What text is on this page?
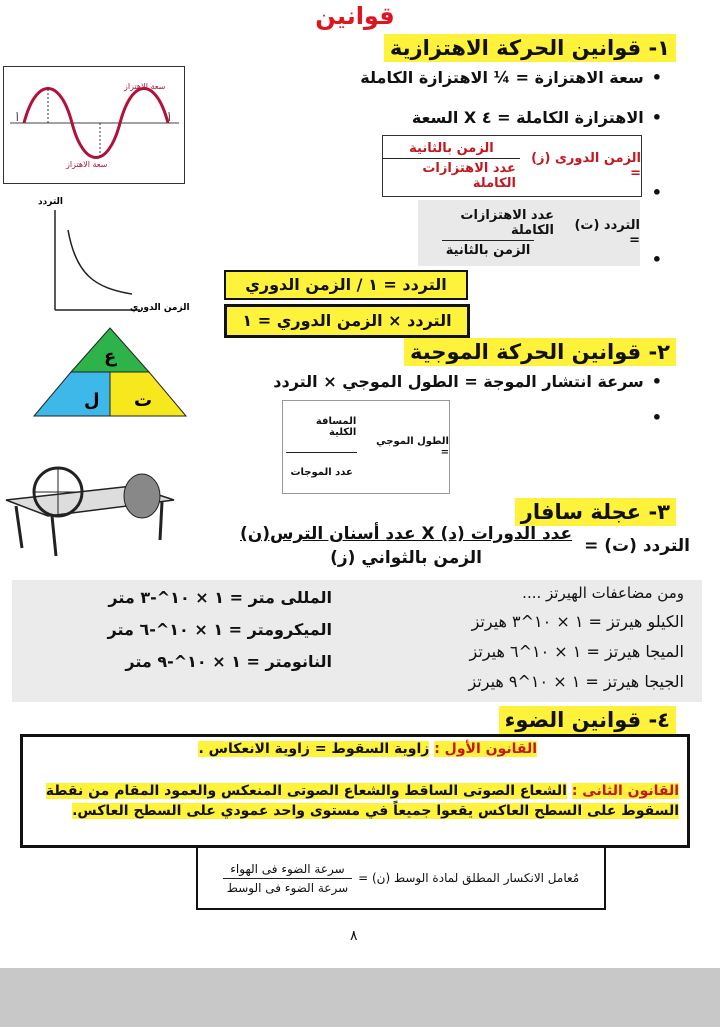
قوانين
١- قوانين الحركة الاهتزازية
• سعة الاهتزازة = ¼ الاهتزازة الكاملة
• الاهتزازة الكاملة = ٤ X السعة
الزمن الدورى (ز) =
$\frac{\text{الزمن بالثانية}}{\text{عدد الاهتزازات الكاملة}}$
•
التردد (ت) =
$\frac{\text{عدد الاهتزازات الكاملة}}{\text{الزمن بالثانية}}$
•
التردد = ١ / الزمن الدوري
التردد × الزمن الدوري = ١
سعة الاهتزاز
سعة الاهتزاز
أ	أ
التردد
الزمن الدوري
ع
ل ت
٢- قوانين الحركة الموجية
• سرعة انتشار الموجة = الطول الموجي × التردد
•
الطول الموجي =
$\frac{\text{المسافة الكلية}}{\text{عدد الموجات}}$
٣- عجلة سافار
التردد (ت) =
$\frac{\text{عدد الدورات (د) X عدد أسنان الترس(ن)}}{\text{الزمن بالثواني (ز)}}$
ومن مضاعفات الهيرتز ....
الكيلو هيرتز = ١ × ١٠^٣ هيرتز
الميجا هيرتز = ١ × ١٠^٦ هيرتز
الجيجا هيرتز = ١ × ١٠^٩ هيرتز
المللى متر = ١ × ١٠^-٣ متر
الميكرومتر = ١ × ١٠^-٦ متر
النانومتر = ١ × ١٠^-٩ متر
٤- قوانين الضوء
القانون الأول : زاوية السقوط = زاوية الانعكاس .
القانون الثانى : الشعاع الصوتى الساقط والشعاع الصوتى المنعكس والعمود المقام من نقطة السقوط على السطح العاكس يقعوا جميعاً في مستوى واحد عمودي على السطح العاكس.
مُعامل الانكسار المطلق لمادة الوسط (ن) =
$\frac{\text{سرعة الضوء فى الهواء}}{\text{سرعة الضوء فى الوسط}}$
٨
